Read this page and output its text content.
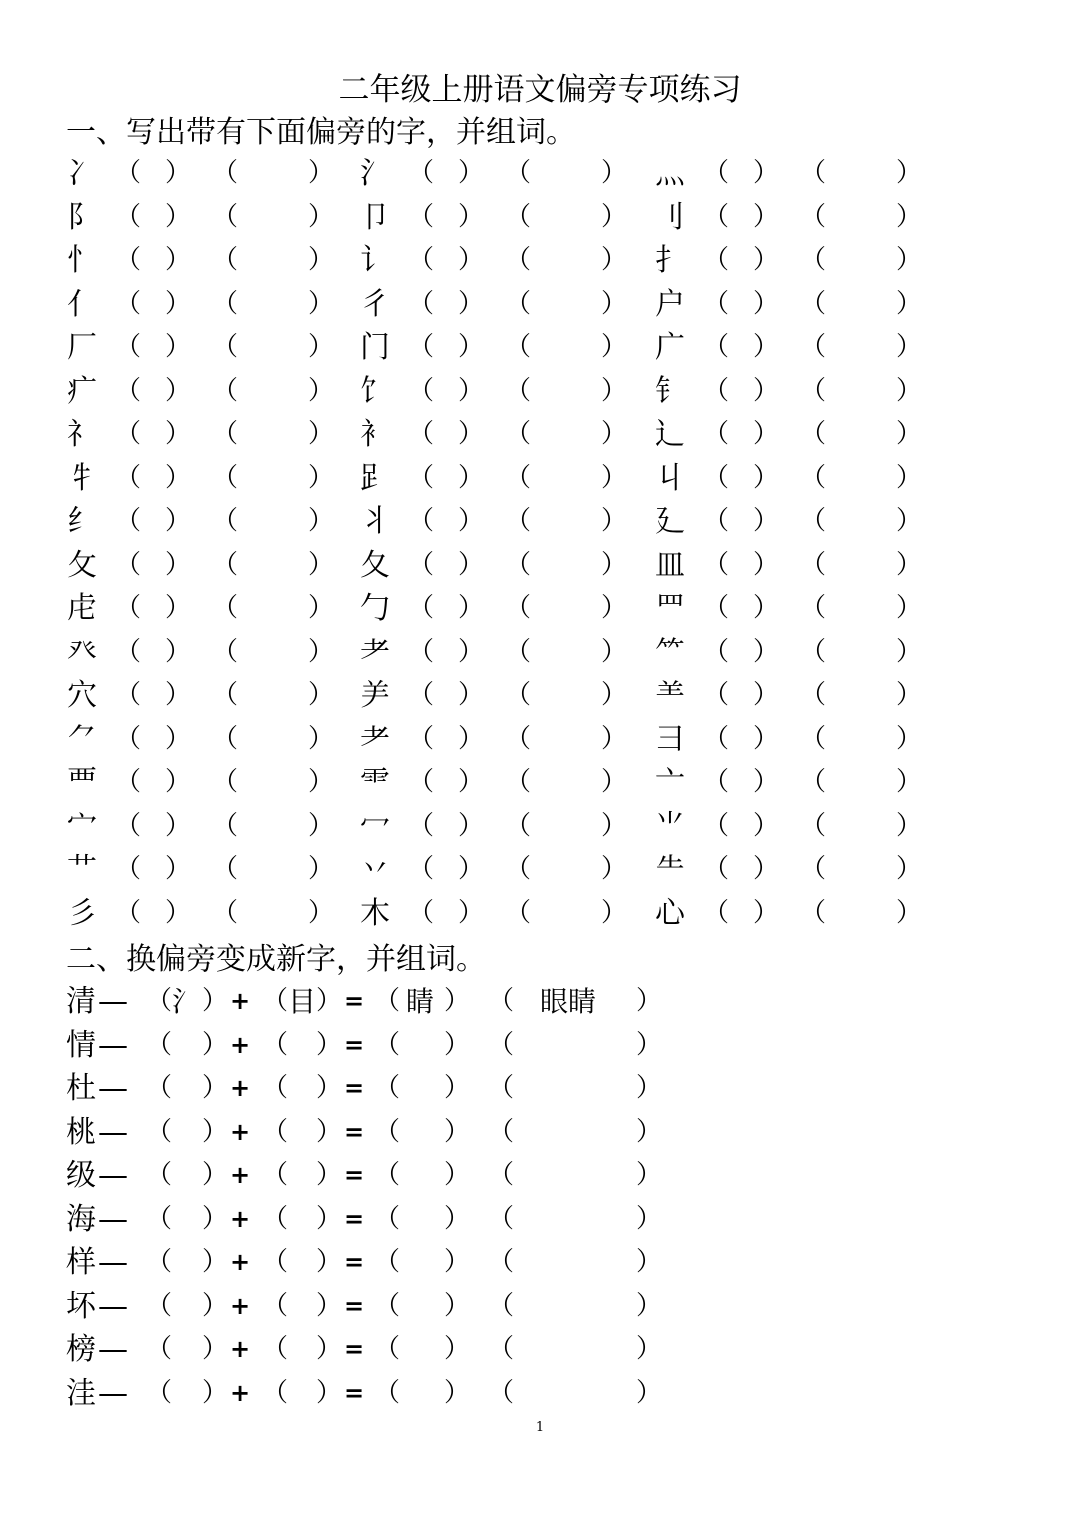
二年级上册语文偏旁专项练习
一、写出带有下面偏旁的字，并组词。
冫 （ ） （	） 氵 （ ） （	） 灬 （ ） （	）
阝 （ ） （	） 卩 （ ） （	） 刂 （ ） （	）
忄 （ ） （	） 讠 （ ） （	） 扌 （ ） （	）
亻 （ ） （	） 彳 （ ） （	） 户 （ ） （	）
厂 （ ） （	） 门 （ ） （	） 广 （ ） （	）
疒 （ ） （	） 饣 （ ） （	） 钅 （ ） （	）
礻 （ ） （	） 衤 （ ） （	） 辶 （ ） （	）
牜 （ ） （	） 𧾷 （ ） （	） 丩 （ ） （	）
纟 （ ） （	） 丬 （ ） （	） 廴 （ ） （	）
攵 （ ） （	） 夂 （ ） （	） 皿 （ ） （	）
虍 （ ） （	） 勹 （ ） （	） 罒 （ ） （	）
癶 （ ） （	） 耂 （ ） （	） ⺮ （ ） （	）
穴 （ ） （	） ⺶ （ ） （	） ⺷ （ ） （	）
⺈ （ ） （	） ⺹ （ ） （	） 彐 （ ） （	）
覀 （ ） （	） ⻗ （ ） （	） 亠 （ ） （	）
宀 （ ） （	） 冖 （ ） （	） ⺌ （ ） （	）
艹 （ ） （	） 丷 （ ） （	） ⺧ （ ） （	）
彡 （ ） （	） 木 （ ） （	） 心 （ ） （	）
二、换偏旁变成新字，并组词。
清 — （ 氵 ） + （ 目 ） = （ 睛 ） （ 眼睛	）
情 — （ ） + （ ） = （ ） （	）
杜 — （ ） + （ ） = （ ） （	）
桃 — （ ） + （ ） = （ ） （	）
级 — （ ） + （ ） = （ ） （	）
海 — （ ） + （ ） = （ ） （	）
样 — （ ） + （ ） = （ ） （	）
坏 — （ ） + （ ） = （ ） （	）
榜 — （ ） + （ ） = （ ） （	）
洼 — （ ） + （ ） = （ ） （	）
1
